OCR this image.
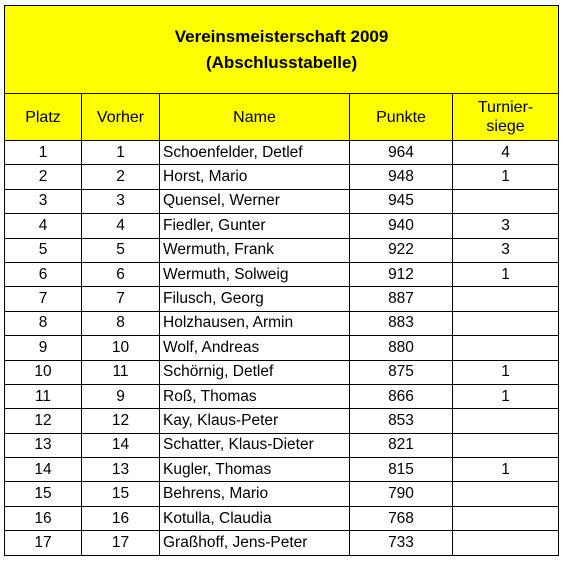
Vereinsmeisterschaft 2009
(Abschlusstabelle)				

Platz	Vorher	Name	Punkte	Turnier-
siege

1	1	Schoenfelder, Detlef	964	4
2	2	Horst, Mario	948	1
3	3	Quensel, Werner	945	
4	4	Fiedler, Gunter	940	3
5	5	Wermuth, Frank	922	3
6	6	Wermuth, Solweig	912	1
7	7	Filusch, Georg	887	
8	8	Holzhausen, Armin	883	
9	10	Wolf, Andreas	880	
10	11	Schörnig, Detlef	875	1
11	9	Roß, Thomas	866	1
12	12	Kay, Klaus-Peter	853	
13	14	Schatter, Klaus-Dieter	821	
14	13	Kugler, Thomas	815	1
15	15	Behrens, Mario	790	
16	16	Kotulla, Claudia	768	
17	17	Graßhoff, Jens-Peter	733	
